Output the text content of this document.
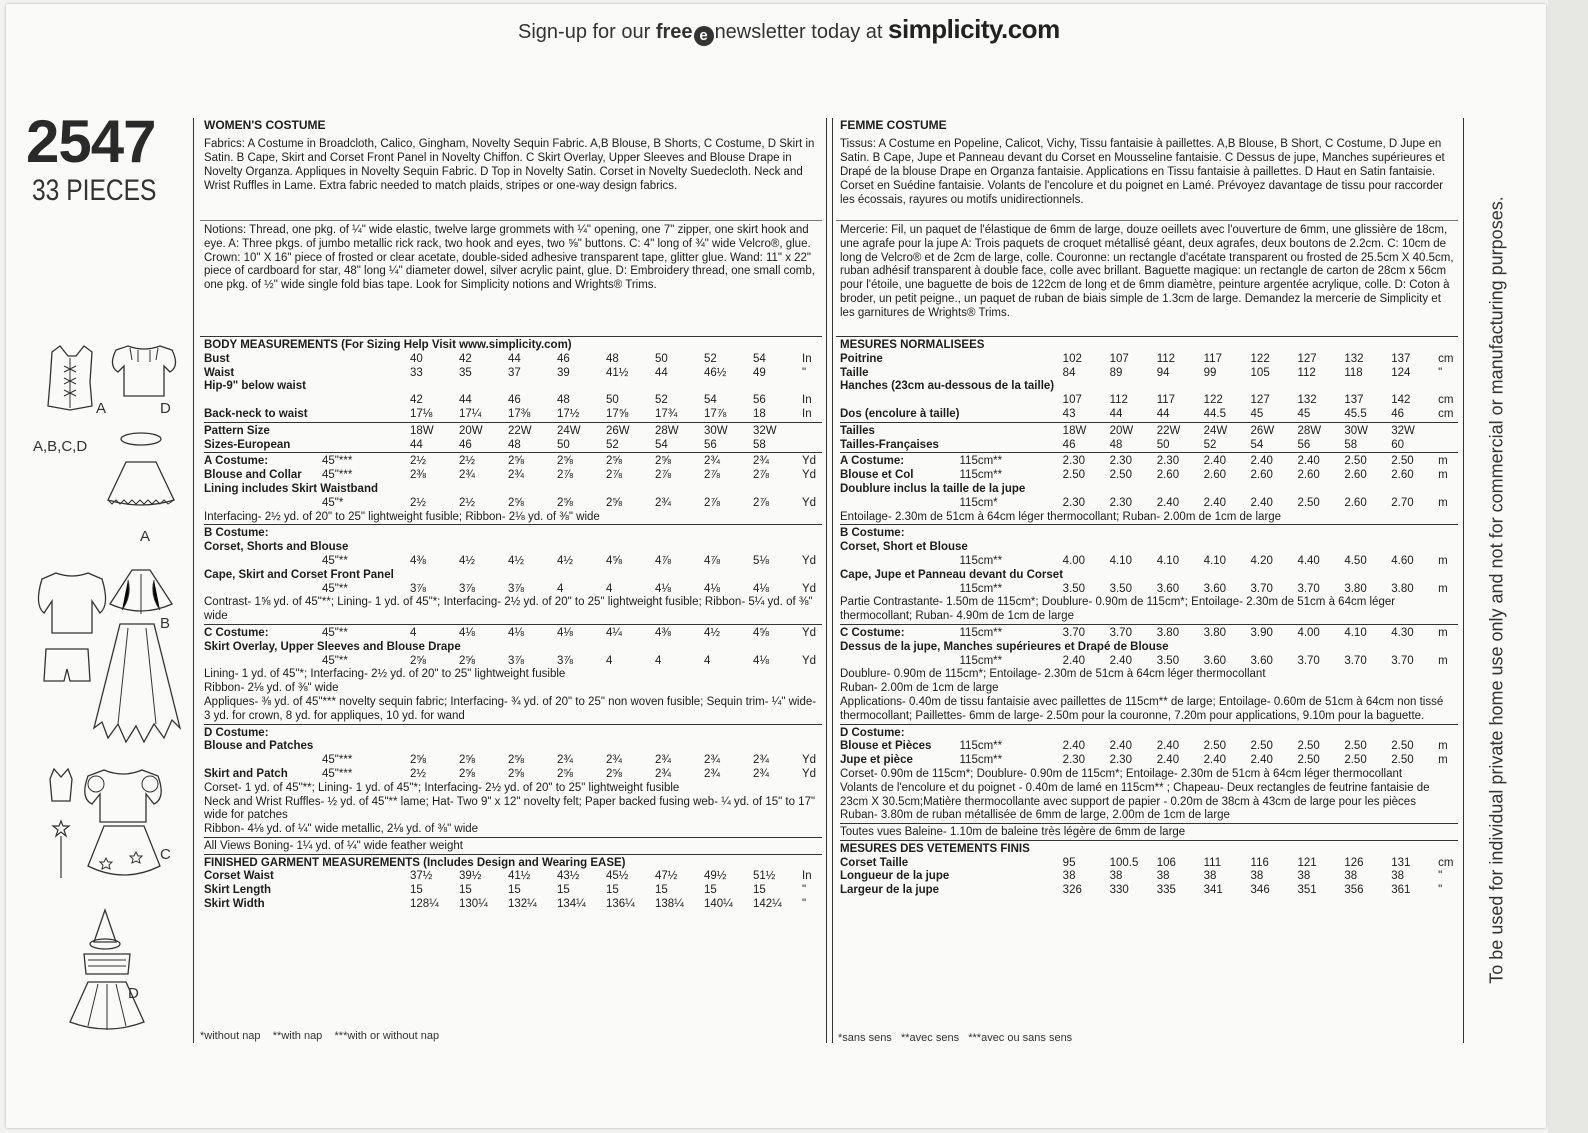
Sign-up for our free e newsletter today at simplicity.com
2547
33 PIECES
A	D
A,B,C,D
A
B
C
D
WOMEN'S COSTUME

Fabrics: A Costume in Broadcloth, Calico, Gingham, Novelty Sequin Fabric. A,B Blouse, B Shorts, C Costume, D Skirt in Satin. B Cape, Skirt and Corset Front Panel in Novelty Chiffon. C Skirt Overlay, Upper Sleeves and Blouse Drape in Novelty Organza. Appliques in Novelty Sequin Fabric. D Top in Novelty Satin. Corset in Novelty Suedecloth. Neck and Wrist Ruffles in Lame. Extra fabric needed to match plaids, stripes or one-way design fabrics.

Notions: Thread, one pkg. of ¼" wide elastic, twelve large grommets with ¼" opening, one 7" zipper, one skirt hook and eye. A: Three pkgs. of jumbo metallic rick rack, two hook and eyes, two ⅝" buttons. C: 4" long of ¾" wide Velcro®, glue. Crown: 10" X 16" piece of frosted or clear acetate, double-sided adhesive transparent tape, glitter glue. Wand: 11" x 22" piece of cardboard for star, 48" long ¼" diameter dowel, silver acrylic paint, glue. D: Embroidery thread, one small comb, one pkg. of ½" wide single fold bias tape. Look for Simplicity notions and Wrights® Trims.

BODY MEASUREMENTS (For Sizing Help Visit www.simplicity.com)
Bust		40	42	44	46	48	50	52	54	In
Waist		33	35	37	39	41½	44	46½	49	"
Hip-9" below waist										
		42	44	46	48	50	52	54	56	In
Back-neck to waist		17⅛	17¼	17⅜	17½	17⅝	17¾	17⅞	18	In

Pattern Size		18W	20W	22W	24W	26W	28W	30W	32W	
Sizes-European		44	46	48	50	52	54	56	58	

A Costume:	45"***	2½	2½	2⅝	2⅝	2⅝	2⅝	2¾	2¾	Yd
Blouse and Collar	45"***	2⅜	2¾	2¾	2⅞	2⅞	2⅞	2⅞	2⅞	Yd
Lining includes Skirt Waistband										
	45"*	2½	2½	2⅝	2⅝	2⅝	2¾	2⅞	2⅞	Yd
Interfacing- 2½ yd. of 20" to 25" lightweight fusible; Ribbon- 2⅛ yd. of ⅜" wide										

B Costume:										
Corset, Shorts and Blouse										
	45"**	4⅜	4½	4½	4½	4⅝	4⅞	4⅞	5⅛	Yd
Cape, Skirt and Corset Front Panel										
	45"**	3⅞	3⅞	3⅞	4	4	4⅛	4⅛	4⅛	Yd
Contrast- 1⅝ yd. of 45"**; Lining- 1 yd. of 45"*; Interfacing- 2½ yd. of 20" to 25" lightweight fusible; Ribbon- 5¼ yd. of ⅜" wide										

C Costume:	45"**	4	4⅛	4⅛	4⅛	4¼	4⅜	4½	4⅝	Yd
Skirt Overlay, Upper Sleeves and Blouse Drape										
	45"**	2⅝	2⅝	3⅞	3⅞	4	4	4	4⅛	Yd
Lining- 1 yd. of 45"*; Interfacing- 2½ yd. of 20" to 25" lightweight fusible										
Ribbon- 2⅛ yd. of ⅜" wide										
Appliques- ⅜ yd. of 45"*** novelty sequin fabric; Interfacing- ¾ yd. of 20" to 25" non woven fusible; Sequin trim- ¼" wide- 3 yd. for crown, 8 yd. for appliques, 10 yd. for wand										

D Costume:										
Blouse and Patches										
	45"***	2⅝	2⅝	2⅝	2¾	2¾	2¾	2¾	2¾	Yd
Skirt and Patch	45"***	2½	2⅝	2⅝	2⅝	2⅝	2¾	2¾	2¾	Yd
Corset- 1 yd. of 45"**; Lining- 1 yd. of 45"*; Interfacing- 2½ yd. of 20" to 25" lightweight fusible										
Neck and Wrist Ruffles- ½ yd. of 45"** lame; Hat- Two 9" x 12" novelty felt; Paper backed fusing web- ¼ yd. of 15" to 17" wide for patches										
Ribbon- 4⅛ yd. of ¼" wide metallic, 2⅛ yd. of ⅜" wide										

All Views Boning- 1¼ yd. of ¼" wide feather weight										

FINISHED GARMENT MEASUREMENTS (Includes Design and Wearing EASE)										
Corset Waist		37½	39½	41½	43½	45½	47½	49½	51½	In
Skirt Length		15	15	15	15	15	15	15	15	"
Skirt Width		128¼	130¼	132¼	134¼	136¼	138¼	140¼	142¼	"
FEMME COSTUME

Tissus: A Costume en Popeline, Calicot, Vichy, Tissu fantaisie à paillettes. A,B Blouse, B Short, C Costume, D Jupe en Satin. B Cape, Jupe et Panneau devant du Corset en Mousseline fantaisie. C Dessus de jupe, Manches supérieures et Drapé de la blouse Drape en Organza fantaisie. Applications en Tissu fantaisie à paillettes. D Haut en Satin fantaisie. Corset en Suédine fantaisie. Volants de l'encolure et du poignet en Lamé. Prévoyez davantage de tissu pour raccorder les écossais, rayures ou motifs unidirectionnels.

Mercerie: Fil, un paquet de l'élastique de 6mm de large, douze oeillets avec l'ouverture de 6mm, une glissière de 18cm, une agrafe pour la jupe A: Trois paquets de croquet métallisé géant, deux agrafes, deux boutons de 2.2cm. C: 10cm de long de Velcro® et de 2cm de large, colle. Couronne: un rectangle d'acétate transparent ou frosted de 25.5cm X 40.5cm, ruban adhésif transparent à double face, colle avec brillant. Baguette magique: un rectangle de carton de 28cm x 56cm pour l'étoile, une baguette de bois de 122cm de long et de 6mm diamètre, peinture argentée acrylique, colle. D: Coton à broder, un petit peigne., un paquet de ruban de biais simple de 1.3cm de large. Demandez la mercerie de Simplicity et les garnitures de Wrights® Trims.

MESURES NORMALISEES
Poitrine		102	107	112	117	122	127	132	137	cm
Taille		84	89	94	99	105	112	118	124	"
Hanches (23cm au-dessous de la taille)										
		107	112	117	122	127	132	137	142	cm
Dos (encolure à taille)		43	44	44	44.5	45	45	45.5	46	cm

Tailles		18W	20W	22W	24W	26W	28W	30W	32W	
Tailles-Françaises		46	48	50	52	54	56	58	60	

A Costume:	115cm**	2.30	2.30	2.30	2.40	2.40	2.40	2.50	2.50	m
Blouse et Col	115cm**	2.50	2.50	2.60	2.60	2.60	2.60	2.60	2.60	m
Doublure inclus la taille de la jupe										
	115cm*	2.30	2.30	2.40	2.40	2.40	2.50	2.60	2.70	m
Entoilage- 2.30m de 51cm à 64cm léger thermocollant; Ruban- 2.00m de 1cm de large										

B Costume:										
Corset, Short et Blouse										
	115cm**	4.00	4.10	4.10	4.10	4.20	4.40	4.50	4.60	m
Cape, Jupe et Panneau devant du Corset										
	115cm**	3.50	3.50	3.60	3.60	3.70	3.70	3.80	3.80	m
Partie Contrastante- 1.50m de 115cm*; Doublure- 0.90m de 115cm*; Entoilage- 2.30m de 51cm à 64cm léger thermocollant; Ruban- 4.90m de 1cm de large										

C Costume:	115cm**	3.70	3.70	3.80	3.80	3.90	4.00	4.10	4.30	m
Dessus de la jupe, Manches supérieures et Drapé de Blouse										
	115cm**	2.40	2.40	3.50	3.60	3.60	3.70	3.70	3.70	m
Doublure- 0.90m de 115cm*; Entoilage- 2.30m de 51cm à 64cm léger thermocollant										
Ruban- 2.00m de 1cm de large										
Applications- 0.40m de tissu fantaisie avec paillettes de 115cm** de large; Entoilage- 0.60m de 51cm à 64cm non tissé thermocollant; Paillettes- 6mm de large- 2.50m pour la couronne, 7.20m pour applications, 9.10m pour la baguette.										

D Costume:										
Blouse et Pièces	115cm**	2.40	2.40	2.40	2.50	2.50	2.50	2.50	2.50	m
Jupe et pièce	115cm**	2.30	2.30	2.40	2.40	2.40	2.50	2.50	2.50	m
Corset- 0.90m de 115cm*; Doublure- 0.90m de 115cm*; Entoilage- 2.30m de 51cm à 64cm léger thermocollant										
Volants de l'encolure et du poignet - 0.40m de lamé en 115cm** ; Chapeau- Deux rectangles de feutrine fantaisie de 23cm X 30.5cm;Matière thermocollante avec support de papier - 0.20m de 38cm à 43cm de large pour les pièces										
Ruban- 3.80m de ruban métallisée de 6mm de large, 2.00m de 1cm de large										

Toutes vues Baleine- 1.10m de baleine très légère de 6mm de large										

MESURES DES VETEMENTS FINIS										
Corset Taille		95	100.5	106	111	116	121	126	131	cm
Longueur de la jupe		38	38	38	38	38	38	38	38	"
Largeur de la jupe		326	330	335	341	346	351	356	361	"
*without nap    **with nap    ***with or without nap	*sans sens   **avec sens   ***avec ou sans sens
To be used for individual private home use only and not for commercial or manufacturing purposes.
